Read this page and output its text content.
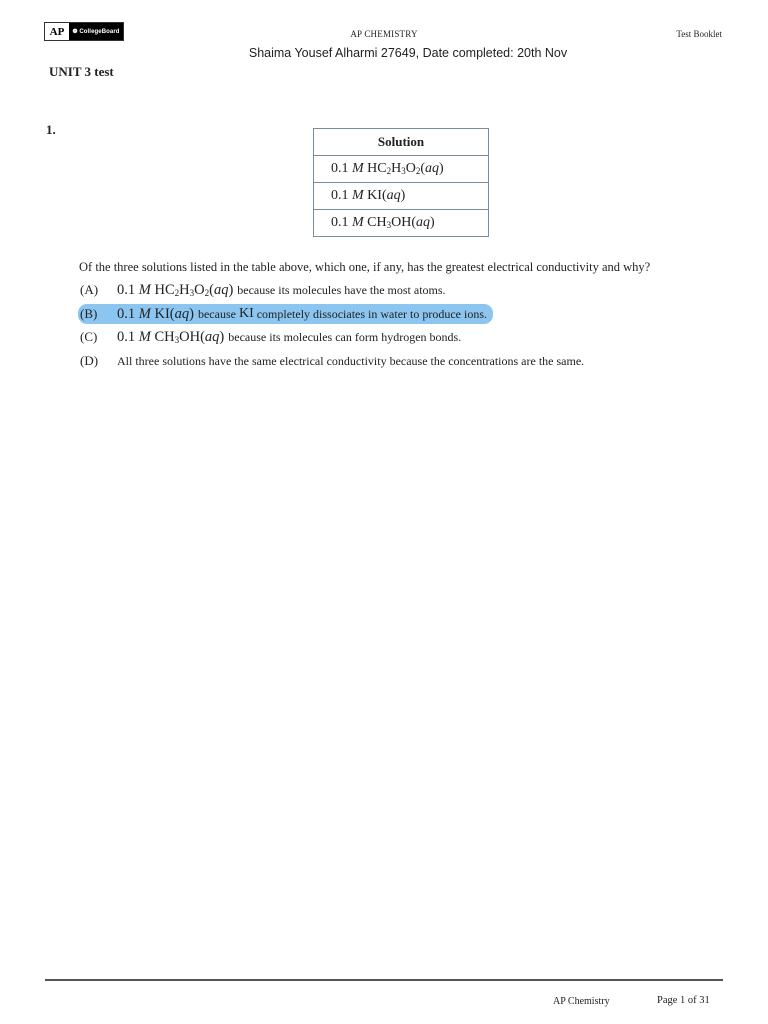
AP	❁ CollegeBoard	AP CHEMISTRY	Test Booklet
Shaima Yousef Alharmi 27649, Date completed: 20th Nov
UNIT 3 test
1.
Solution
0.1 M $HC_2H_3O_2(aq)$
0.1 M KI(aq)
0.1 M $CH_3OH(aq)$
Of the three solutions listed in the table above, which one, if any, has the greatest electrical conductivity and why?
(A)	0.1 M $HC_2H_3O_2(aq)$ because its molecules have the most atoms.
(B)	0.1 M KI(aq) because
KI
completely dissociates in water to produce ions.
(C)	0.1 M $CH_3OH(aq)$ because its molecules can form hydrogen bonds.
(D)	All three solutions have the same electrical conductivity because the concentrations are the same.
AP Chemistry	Page 1 of 31
